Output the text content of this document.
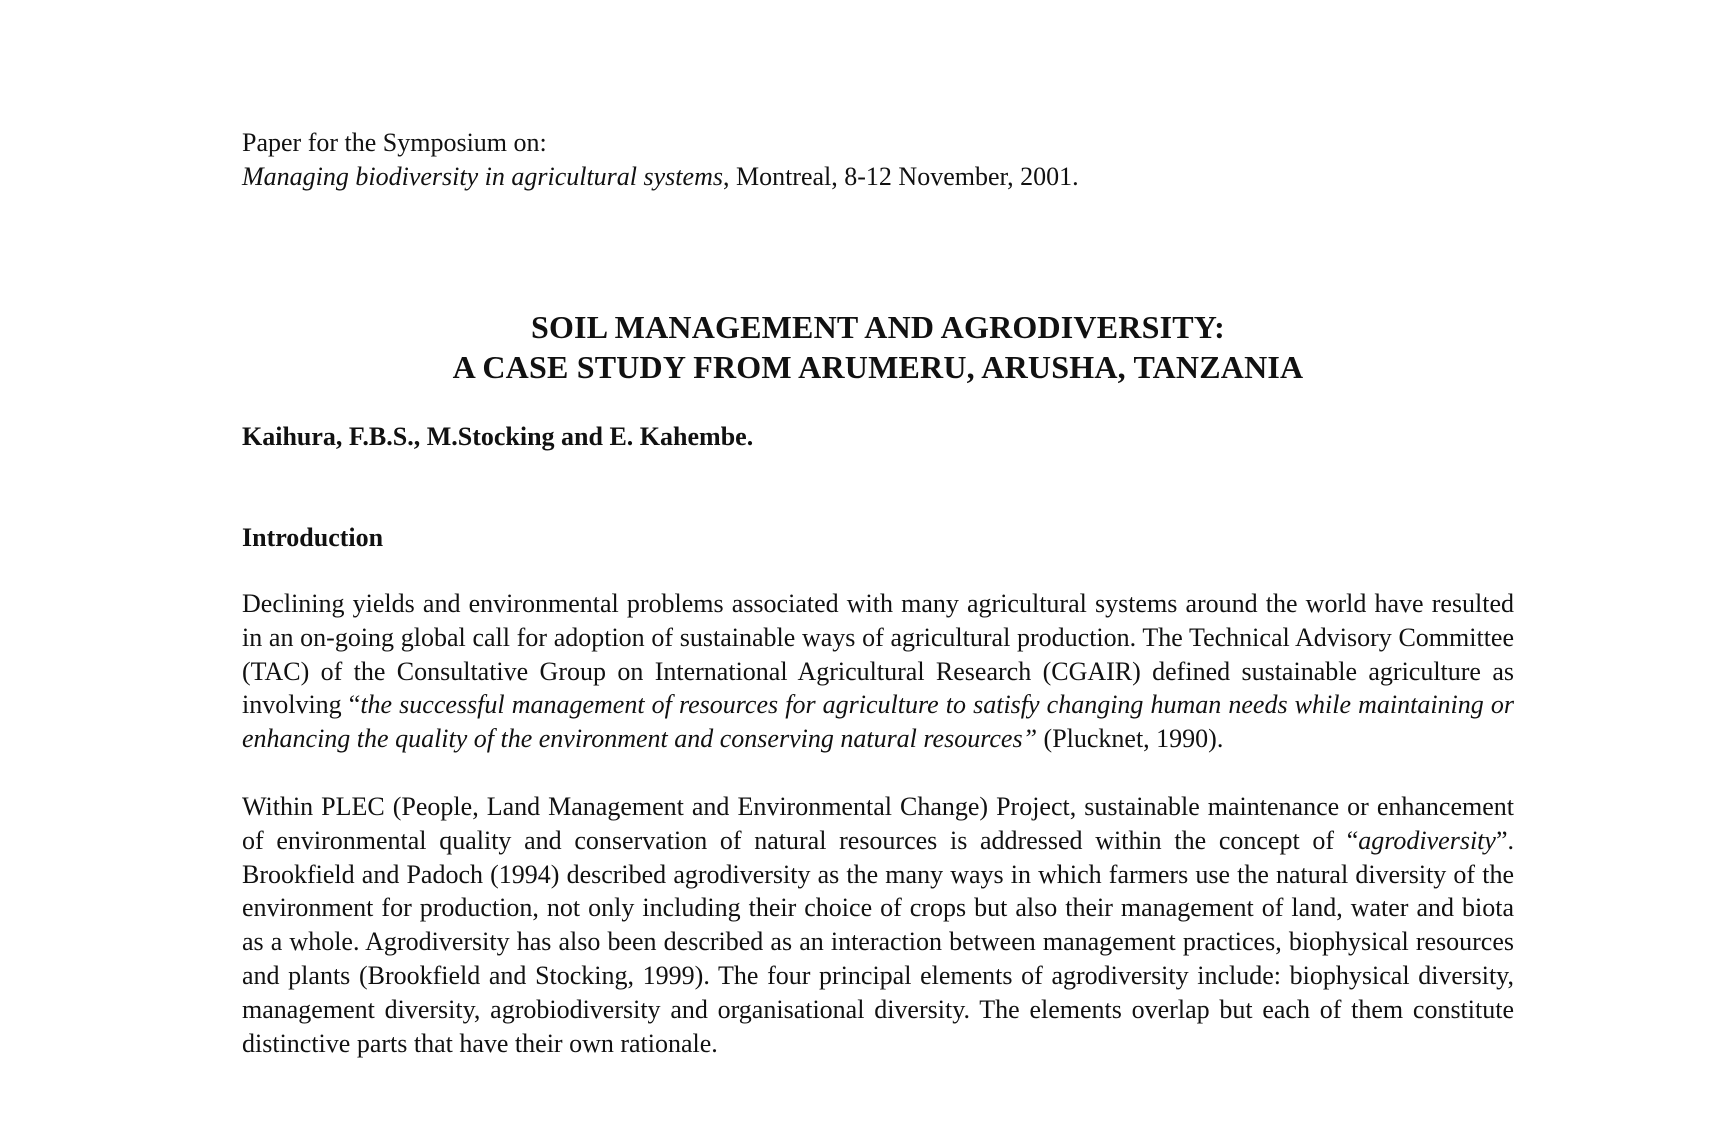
Paper for the Symposium on:
Managing biodiversity in agricultural systems, Montreal, 8-12 November, 2001.
SOIL MANAGEMENT AND AGRODIVERSITY:
A CASE STUDY FROM ARUMERU, ARUSHA, TANZANIA
Kaihura, F.B.S., M.Stocking and E. Kahembe.
Introduction

Declining yields and environmental problems associated with many agricultural systems around the world have resulted in an on-going global call for adoption of sustainable ways of agricultural production. The Technical Advisory Committee (TAC) of the Consultative Group on International Agricultural Research (CGAIR) defined sustainable agriculture as involving “the successful management of resources for agriculture to satisfy changing human needs while maintaining or enhancing the quality of the environment and conserving natural resources” (Plucknet, 1990).

Within PLEC (People, Land Management and Environmental Change) Project, sustainable maintenance or enhancement of environmental quality and conservation of natural resources is addressed within the concept of “agrodiversity”. Brookfield and Padoch (1994) described agrodiversity as the many ways in which farmers use the natural diversity of the environment for production, not only including their choice of crops but also their management of land, water and biota as a whole. Agrodiversity has also been described as an interaction between management practices, biophysical resources and plants (Brookfield and Stocking, 1999). The four principal elements of agrodiversity include: biophysical diversity, management diversity, agrobiodiversity and organisational diversity. The elements overlap but each of them constitute distinctive parts that have their own rationale.
